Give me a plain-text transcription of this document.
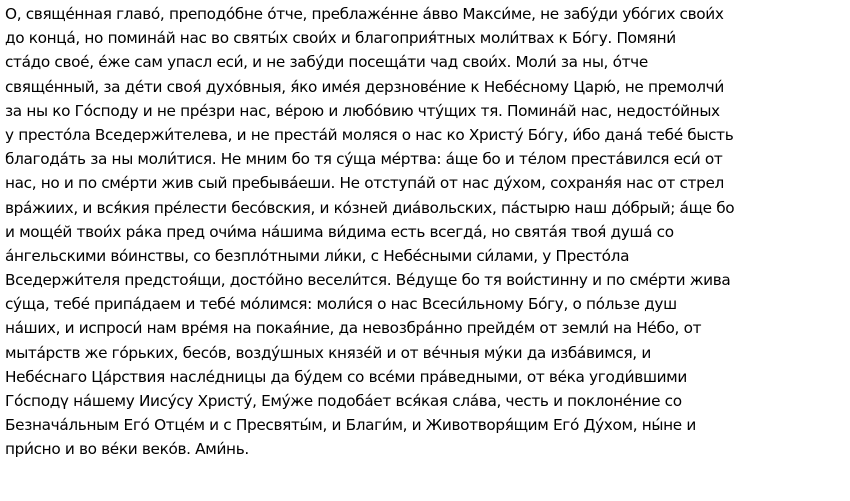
О, свяще́нная главо́, преподо́бне о́тче, преблаже́нне а́вво Макси́ме, не забу́ди убо́гих свои́х
до конца́, но помина́й нас во святы́х свои́х и благоприя́тных моли́твах к Бо́гу. Помяни́
ста́до свое́, е́же сам упасл еси́, и не забу́ди посеща́ти чад свои́х. Моли́ за ны, о́тче
свяще́нный, за де́ти своя́ духо́вныя, я́ко име́я дерзнове́ние к Небе́сному Царю́, не премолчи́
за ны ко Го́споду и не пре́зри нас, ве́рою и любо́вию чту́щих тя. Помина́й нас, недосто́йных
у престо́ла Вседержи́телева, и не преста́й моляся о нас ко Христу́ Бо́гу, и́бо дана́ тебе́ бысть
благода́ть за ны моли́тися. Не мним бо тя су́ща ме́ртва: а́ще бо и те́лом преста́вился еси́ от
нас, но и по сме́рти жив сый пребыва́еши. Не отступа́й от нас ду́хом, сохраня́я нас от стрел
вра́жиих, и вся́кия пре́лести бесо́вския, и ко́зней диа́вольских, па́стырю наш до́брый; а́ще бо
и моще́й твои́х ра́ка пред очи́ма на́шима ви́дима есть всегда́, но свята́я твоя́ душа́ со
а́нгельскими во́инствы, со безпло́тными ли́ки, с Небе́сными си́лами, у Престо́ла
Вседержи́теля предстоя́щи, досто́йно весели́тся. Ве́дуще бо тя вои́стинну и по сме́рти жива
су́ща, тебе́ припа́даем и тебе́ мо́лимся: моли́ся о нас Всеси́льному Бо́гу, о по́льзе душ
на́ших, и испроси́ нам вре́мя на покая́ние, да невозбра́нно прейде́м от земли́ на Не́бо, от
мыта́рств же го́рьких, бесо́в, возду́шных князе́й и от ве́чныя му́ки да изба́вимся, и
Небе́снаго Ца́рствия насле́дницы да бу́дем со все́ми пра́ведными, от ве́ка угоди́вшими
Го́сподү на́шему Иису́су Христу́, Ему́же подоба́ет вся́кая сла́ва, честь и поклоне́ние со
Безнача́льным Его́ Отце́м и с Пресвяты́м, и Благи́м, и Животворя́щим Его́ Ду́хом, ны́не и
при́сно и во ве́ки веко́в. Ами́нь.
